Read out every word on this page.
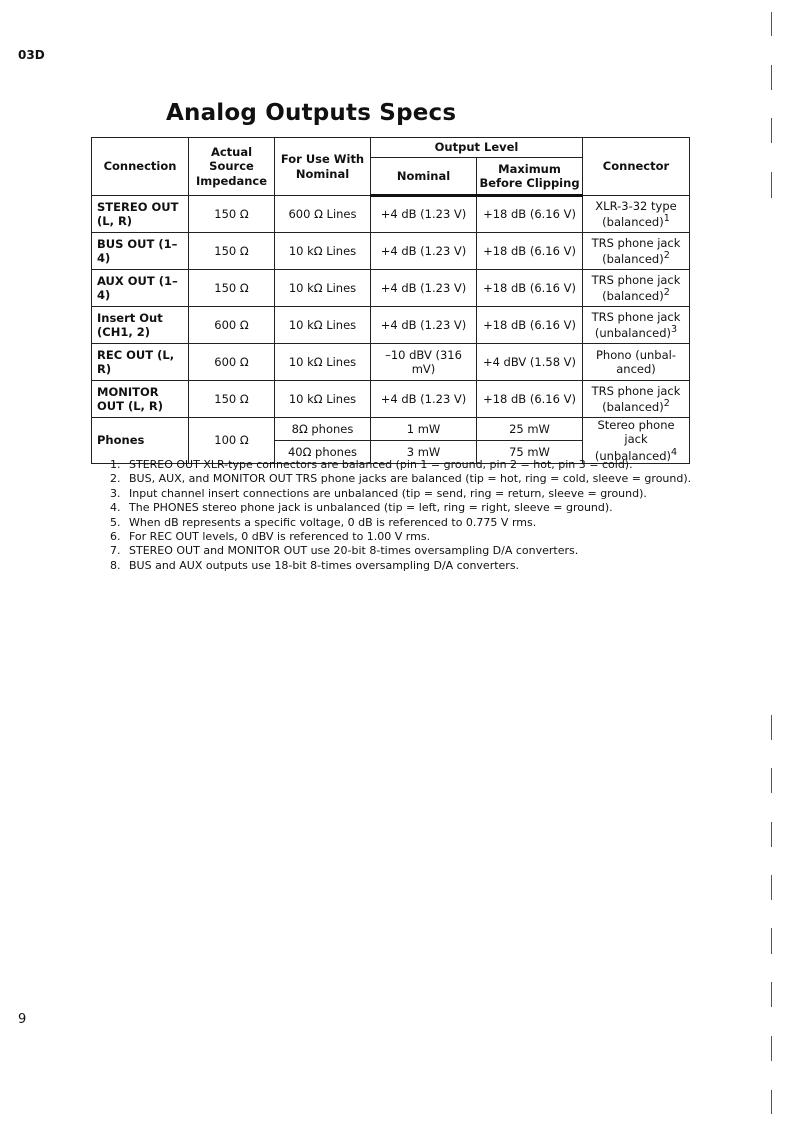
03D
Analog Outputs Specs
Connection	Actual Source Impedance	For Use With Nominal	Output Level		Connector
			Nominal	Maximum Before Clipping	
STEREO OUT (L, R)	150 Ω	600 Ω Lines	+4 dB (1.23 V)	+18 dB (6.16 V)	XLR-3-32 type (balanced)$^1$
BUS OUT (1–4)	150 Ω	10 kΩ Lines	+4 dB (1.23 V)	+18 dB (6.16 V)	TRS phone jack (balanced)$^2$
AUX OUT (1–4)	150 Ω	10 kΩ Lines	+4 dB (1.23 V)	+18 dB (6.16 V)	TRS phone jack (balanced)$^2$
Insert Out (CH1, 2)	600 Ω	10 kΩ Lines	+4 dB (1.23 V)	+18 dB (6.16 V)	TRS phone jack (unbalanced)$^3$
REC OUT (L, R)	600 Ω	10 kΩ Lines	–10 dBV (316 mV)	+4 dBV (1.58 V)	Phono (unbal-anced)
MONITOR OUT (L, R)	150 Ω	10 kΩ Lines	+4 dB (1.23 V)	+18 dB (6.16 V)	TRS phone jack (balanced)$^2$
Phones	100 Ω	8Ω phones	1 mW	25 mW	Stereo phone jack (unbalanced)$^4$
		40Ω phones	3 mW	75 mW	
1. STEREO OUT XLR-type connectors are balanced (pin 1 = ground, pin 2 = hot, pin 3 = cold).
2. BUS, AUX, and MONITOR OUT TRS phone jacks are balanced (tip = hot, ring = cold, sleeve = ground).
3. Input channel insert connections are unbalanced (tip = send, ring = return, sleeve = ground).
4. The PHONES stereo phone jack is unbalanced (tip = left, ring = right, sleeve = ground).
5. When dB represents a specific voltage, 0 dB is referenced to 0.775 V rms.
6. For REC OUT levels, 0 dBV is referenced to 1.00 V rms.
7. STEREO OUT and MONITOR OUT use 20-bit 8-times oversampling D/A converters.
8. BUS and AUX outputs use 18-bit 8-times oversampling D/A converters.
9
